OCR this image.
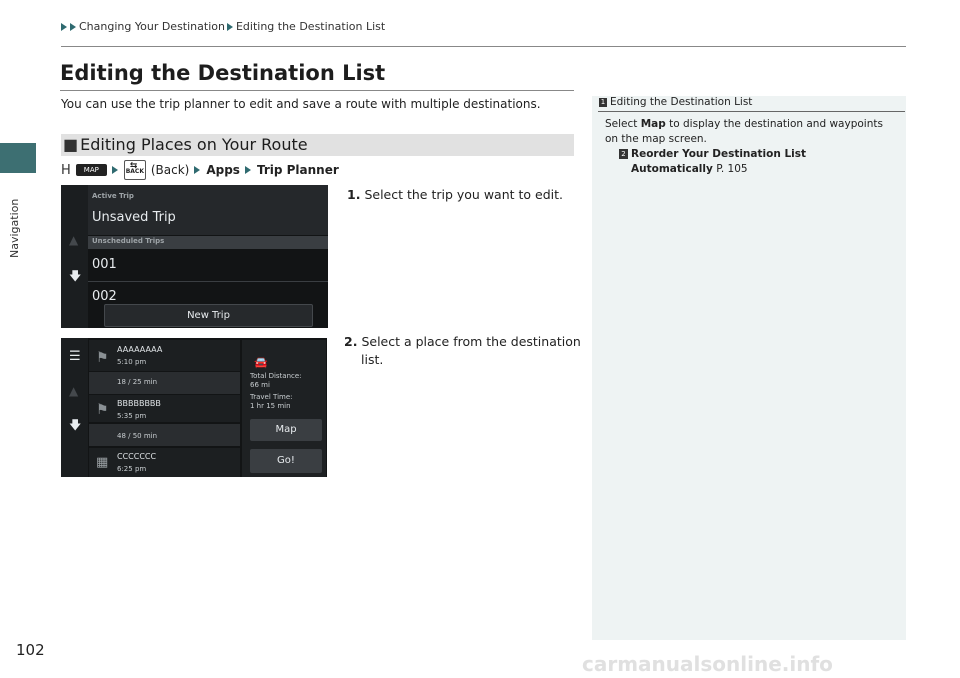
Navigation
Changing Your Destination Editing the Destination List
Editing the Destination List
You can use the trip planner to edit and save a route with multiple destinations.
■ Editing Places on Your Route
H	MAP
⇆	BACK (Back) Apps Trip Planner
▲
🡇
Active Trip
Unsaved Trip
Unscheduled Trips
001
002
New Trip
1. Select the trip you want to edit.
☰
▲
🡇
⚑
AAAAAAAA
5:10 pm
18 / 25 min
⚑ BBBBBBBB
5:35 pm
48 / 50 min
▦ CCCCCCC
6:25 pm
🚘
Total Distance:
66 mi
Travel Time:
1 hr 15 min
Map
Go!
2. Select a place from the destination
list.
1 Editing the Destination List
Select Map to display the destination and waypoints
on the map screen.
2 Reorder Your Destination List
Automatically P. 105
102
carmanualsonline.info
